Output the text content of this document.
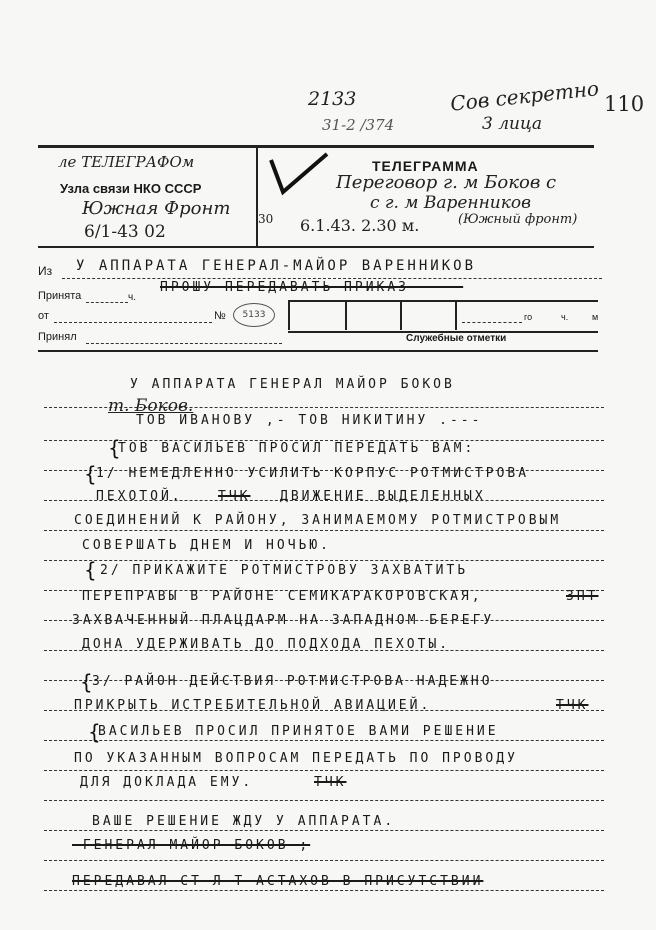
2133
31-2 /374
Сов секретно
3 лица
110
ле ТЕЛЕГРАФОм
Узла связи НКО СССР
Южная Фронт
6/1-43 02
30
ТЕЛЕГРАММА
Переговор г. м Боков с
с г. м Варенников
6.1.43. 2.30 м.	(Южный фронт)
Из У АППАРАТА ГЕНЕРАЛ-МАЙОР ВАРЕННИКОВ
Принята	ч.
ПРОШУ ПЕРЕДАВАТЬ ПРИКАЗ ----
от	№	5133	го	ч.	м
Принял	Служебные отметки
У АППАРАТА ГЕНЕРАЛ МАЙОР БОКОВ
т. Боков.
ТОВ ИВАНОВУ ,- ТОВ НИКИТИНУ .---
{
ТОВ ВАСИЛЬЕВ ПРОСИЛ ПЕРЕДАТЬ ВАМ:
{ 1/ НЕМЕДЛЕННО УСИЛИТЬ КОРПУС РОТМИСТРОВА
ПЕХОТОЙ.	ТЧК ДВИЖЕНИЕ ВЫДЕЛЕННЫХ
СОЕДИНЕНИЙ К РАЙОНУ, ЗАНИМАЕМОМУ РОТМИСТРОВЫМ
СОВЕРШАТЬ ДНЕМ И НОЧЬЮ.
{ 2/ ПРИКАЖИТЕ РОТМИСТРОВУ ЗАХВАТИТЬ
ПЕРЕПРАВЫ В РАЙОНЕ СЕМИКАРАКОРОВСКАЯ,	ЗПТ
ЗАХВАЧЕННЫЙ ПЛАЦДАРМ НА ЗАПАДНОМ БЕРЕГУ
ДОНА УДЕРЖИВАТЬ ДО ПОДХОДА ПЕХОТЫ.
{ 3/ РАЙОН ДЕЙСТВИЯ РОТМИСТРОВА НАДЕЖНО
ПРИКРЫТЬ ИСТРЕБИТЕЛЬНОЙ АВИАЦИЕЙ.	ТЧК
{
ВАСИЛЬЕВ ПРОСИЛ ПРИНЯТОЕ ВАМИ РЕШЕНИЕ
ПО УКАЗАННЫМ ВОПРОСАМ ПЕРЕДАТЬ ПО ПРОВОДУ
ДЛЯ ДОКЛАДА ЕМУ.	ТЧК
ВАШЕ РЕШЕНИЕ ЖДУ У АППАРАТА.
-ГЕНЕРАЛ МАЙОР БОКОВ ;
ПЕРЕДАВАЛ СТ Л-Т АСТАХОВ В ПРИСУТСТВИИ
